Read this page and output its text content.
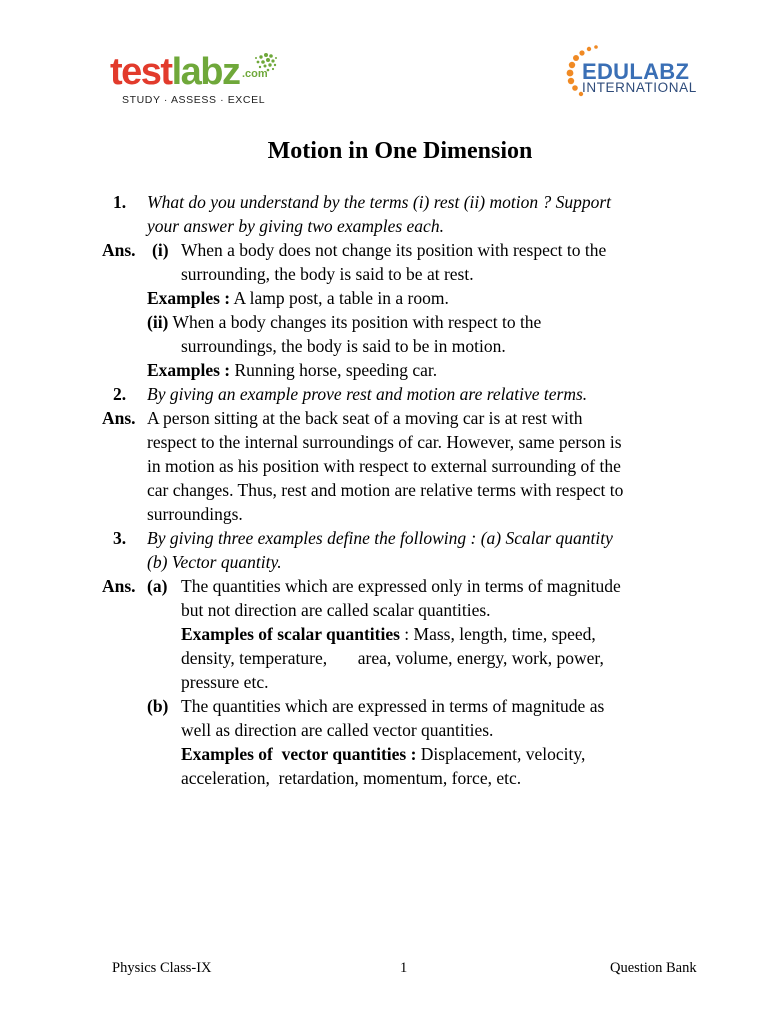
testlabz .com
STUDY · ASSESS · EXCEL
EDULABZ
INTERNATIONAL
Motion in One Dimension
1. What do you understand by the terms (i) rest (ii) motion ? Support
your answer by giving two examples each.
Ans. (i) When a body does not change its position with respect to the
surrounding, the body is said to be at rest.
Examples : A lamp post, a table in a room.
(ii) When a body changes its position with respect to the
surroundings, the body is said to be in motion.
Examples : Running horse, speeding car.
2. By giving an example prove rest and motion are relative terms.
Ans. A person sitting at the back seat of a moving car is at rest with
respect to the internal surroundings of car. However, same person is
in motion as his position with respect to external surrounding of the
car changes. Thus, rest and motion are relative terms with respect to
surroundings.
3. By giving three examples define the following : (a) Scalar quantity
(b) Vector quantity.
Ans. (a) The quantities which are expressed only in terms of magnitude
but not direction are called scalar quantities.
Examples of scalar quantities : Mass, length, time, speed,
density, temperature,       area, volume, energy, work, power,
pressure etc.
(b) The quantities which are expressed in terms of magnitude as
well as direction are called vector quantities.
Examples of  vector quantities : Displacement, velocity,
acceleration,  retardation, momentum, force, etc.
Physics Class-IX	1	Question Bank
